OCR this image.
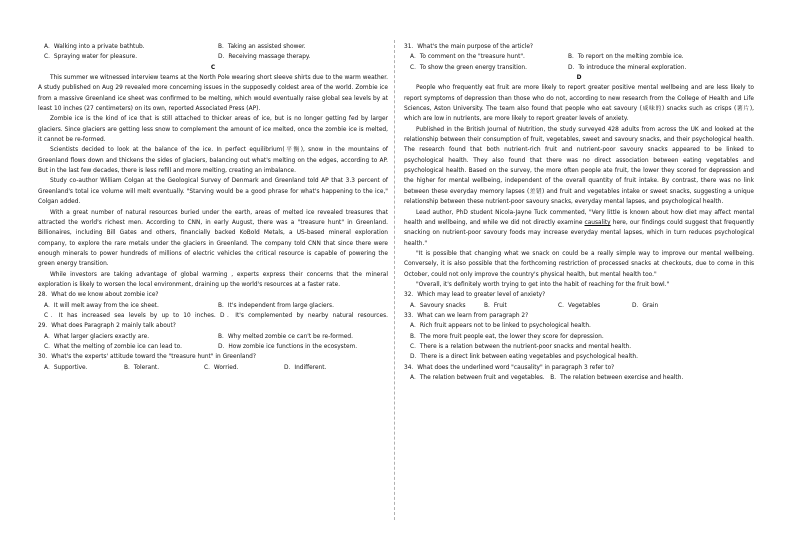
A．Walking into a private bathtub.	B．Taking an assisted shower.
C．Spraying water for pleasure.	D．Receiving massage therapy.

C

This summer we witnessed interview teams at the North Pole wearing short sleeve shirts due to the warm weather. A study published on Aug 29 revealed more concerning issues in the supposedly coldest area of the world. Zombie ice from a massive Greenland ice sheet was confirmed to be melting, which would eventually raise global sea levels by at least 10 inches (27 centimeters) on its own, reported Associated Press (AP).

Zombie ice is the kind of ice that is still attached to thicker areas of ice, but is no longer getting fed by larger glaciers. Since glaciers are getting less snow to complement the amount of ice melted, once the zombie ice is melted, it cannot be re-formed.

Scientists decided to look at the balance of the ice. In perfect equilibrium(平衡), snow in the mountains of Greenland flows down and thickens the sides of glaciers, balancing out what's melting on the edges, according to AP. But in the last few decades, there is less refill and more melting, creating an imbalance.

Study co-author William Colgan at the Geological Survey of Denmark and Greenland told AP that 3.3 percent of Greenland's total ice volume will melt eventually. "Starving would be a good phrase for what's happening to the ice," Colgan added.

With a great number of natural resources buried under the earth, areas of melted ice revealed treasures that attracted the world's richest men. According to CNN, in early August, there was a "treasure hunt" in Greenland. Billionaires, including Bill Gates and others, financially backed KoBold Metals, a US-based mineral exploration company, to explore the rare metals under the glaciers in Greenland. The company told CNN that since there were enough minerals to power hundreds of millions of electric vehicles the critical resource is capable of powering the green energy transition.

While investors are taking advantage of global warming , experts express their concerns that the mineral exploration is likely to worsen the local environment, draining up the world's resources at a faster rate.

28．What do we know about zombie ice?

A．It will melt away from the ice sheet.	B．It's independent from large glaciers.
C．It has increased sea levels by up to 10 inches. D．It's complemented by nearby natural resources.

29．What does Paragraph 2 mainly talk about?

A．What larger glaciers exactly are.	B．Why melted zombie ce can't be re-formed.
C．What the melting of zombie ice can lead to.	D．How zombie ice functions in the ecosystem.

30．What's the experts' attitude toward the "treasure hunt" in Greenland?

A．Supportive.	B．Tolerant.	C．Worried.	D．Indifferent.

31．What's the main purpose of the article?

A．To comment on the "treasure hunt".	B．To report on the melting zombie ice.
C．To show the green energy transition.	D．To introduce the mineral exploration.

D

People who frequently eat fruit are more likely to report greater positive mental wellbeing and are less likely to report symptoms of depression than those who do not, according to new research from the College of Health and Life Sciences, Aston University. The team also found that people who eat savoury (咸味的) snacks such as crisps (薯片), which are low in nutrients, are more likely to report greater levels of anxiety.

Published in the British Journal of Nutrition, the study surveyed 428 adults from across the UK and looked at the relationship between their consumption of fruit, vegetables, sweet and savoury snacks, and their psychological health. The research found that both nutrient-rich fruit and nutrient-poor savoury snacks appeared to be linked to psychological health. They also found that there was no direct association between eating vegetables and psychological health. Based on the survey, the more often people ate fruit, the lower they scored for depression and the higher for mental wellbeing, independent of the overall quantity of fruit intake. By contrast, there was no link between these everyday memory lapses (差错) and fruit and vegetables intake or sweet snacks, suggesting a unique relationship between these nutrient-poor savoury snacks, everyday mental lapses, and psychological health.

Lead author, PhD student Nicola-Jayne Tuck commented, "Very little is known about how diet may affect mental health and wellbeing, and while we did not directly examine causality here, our findings could suggest that frequently snacking on nutrient-poor savoury foods may increase everyday mental lapses, which in turn reduces psychological health."

"It is possible that changing what we snack on could be a really simple way to improve our mental wellbeing. Conversely, it is also possible that the forthcoming restriction of processed snacks at checkouts, due to come in this October, could not only improve the country's physical health, but mental health too."

"Overall, it's definitely worth trying to get into the habit of reaching for the fruit bowl."

32．Which may lead to greater level of anxiety?

A．Savoury snacks	B．Fruit	C．Vegetables	D．Grain

33．What can we learn from paragraph 2?

A．Rich fruit appears not to be linked to psychological health.

B．The more fruit people eat, the lower they score for depression.

C．There is a relation between the nutrient-poor snacks and mental health.

D．There is a direct link between eating vegetables and psychological health.

34．What does the underlined word "causality" in paragraph 3 refer to?

A．The relation between fruit and vegetables. B．The relation between exercise and health.
